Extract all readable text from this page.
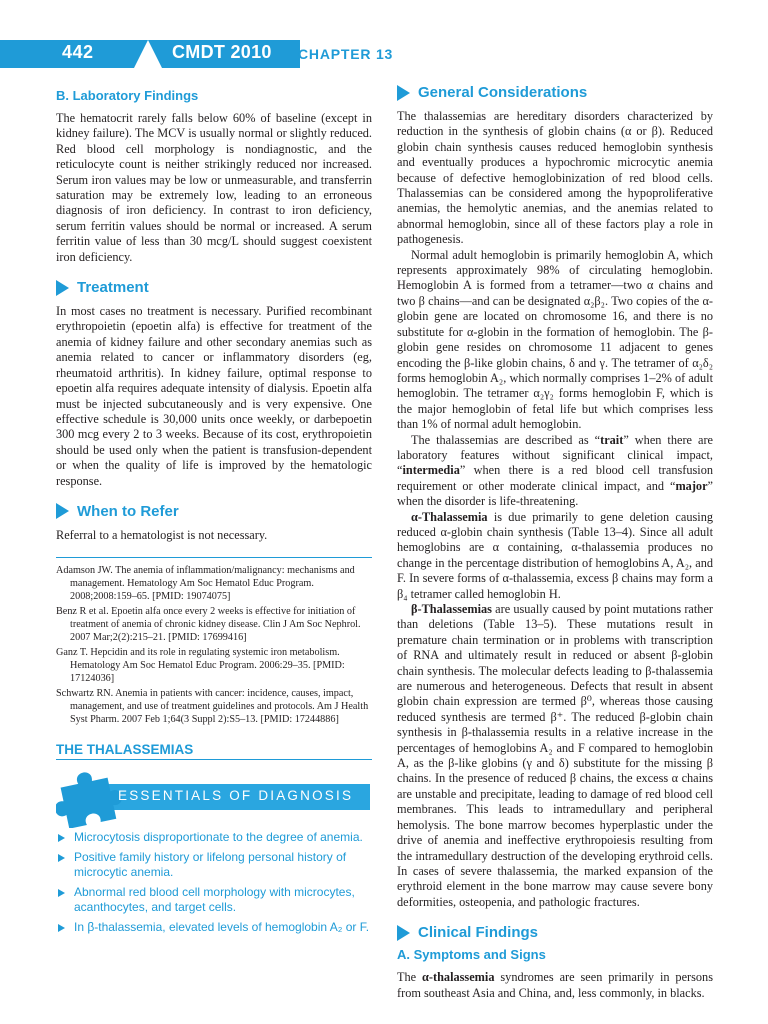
442	CMDT 2010 CHAPTER 13
B. Laboratory Findings

The hematocrit rarely falls below 60% of baseline (except in kidney failure). The MCV is usually normal or slightly reduced. Red blood cell morphology is nondiagnostic, and the reticulocyte count is neither strikingly reduced nor increased. Serum iron values may be low or unmeasurable, and transferrin saturation may be extremely low, leading to an erroneous diagnosis of iron deficiency. In contrast to iron deficiency, serum ferritin values should be normal or increased. A serum ferritin value of less than 30 mcg/L should suggest coexistent iron deficiency.

Treatment

In most cases no treatment is necessary. Purified recombinant erythropoietin (epoetin alfa) is effective for treatment of the anemia of kidney failure and other secondary anemias such as anemia related to cancer or inflammatory disorders (eg, rheumatoid arthritis). In kidney failure, optimal response to epoetin alfa requires adequate intensity of dialysis. Epoetin alfa must be injected subcutaneously and is very expensive. One effective schedule is 30,000 units once weekly, or darbepoetin 300 mcg every 2 to 3 weeks. Because of its cost, erythropoietin should be used only when the patient is transfusion-dependent or when the quality of life is improved by the hematologic response.

When to Refer

Referral to a hematologist is not necessary.

Adamson JW. The anemia of inflammation/malignancy: mechanisms and management. Hematology Am Soc Hematol Educ Program. 2008;2008:159–65. [PMID: 19074075]

Benz R et al. Epoetin alfa once every 2 weeks is effective for initiation of treatment of anemia of chronic kidney disease. Clin J Am Soc Nephrol. 2007 Mar;2(2):215–21. [PMID: 17699416]

Ganz T. Hepcidin and its role in regulating systemic iron metabolism. Hematology Am Soc Hematol Educ Program. 2006:29–35. [PMID: 17124036]

Schwartz RN. Anemia in patients with cancer: incidence, causes, impact, management, and use of treatment guidelines and protocols. Am J Health Syst Pharm. 2007 Feb 1;64(3 Suppl 2):S5–13. [PMID: 17244886]

THE THALASSEMIAS
ESSENTIALS OF DIAGNOSIS
Microcytosis disproportionate to the degree of anemia.
Positive family history or lifelong personal history of microcytic anemia.
Abnormal red blood cell morphology with microcytes, acanthocytes, and target cells.
In β-thalassemia, elevated levels of hemoglobin A₂ or F.
General Considerations

The thalassemias are hereditary disorders characterized by reduction in the synthesis of globin chains (α or β). Reduced globin chain synthesis causes reduced hemoglobin synthesis and eventually produces a hypochromic microcytic anemia because of defective hemoglobinization of red blood cells. Thalassemias can be considered among the hypoproliferative anemias, the hemolytic anemias, and the anemias related to abnormal hemoglobin, since all of these factors play a role in pathogenesis.

Normal adult hemoglobin is primarily hemoglobin A, which represents approximately 98% of circulating hemoglobin. Hemoglobin A is formed from a tetramer—two α chains and two β chains—and can be designated α₂β₂. Two copies of the α-globin gene are located on chromosome 16, and there is no substitute for α-globin in the formation of hemoglobin. The β-globin gene resides on chromosome 11 adjacent to genes encoding the β-like globin chains, δ and γ. The tetramer of α₂δ₂ forms hemoglobin A₂, which normally comprises 1–2% of adult hemoglobin. The tetramer α₂γ₂ forms hemoglobin F, which is the major hemoglobin of fetal life but which comprises less than 1% of normal adult hemoglobin.

The thalassemias are described as “trait” when there are laboratory features without significant clinical impact, “intermedia” when there is a red blood cell transfusion requirement or other moderate clinical impact, and “major” when the disorder is life-threatening.

α-Thalassemia is due primarily to gene deletion causing reduced α-globin chain synthesis (Table 13–4). Since all adult hemoglobins are α containing, α-thalassemia produces no change in the percentage distribution of hemoglobins A, A₂, and F. In severe forms of α-thalassemia, excess β chains may form a β₄ tetramer called hemoglobin H.

β-Thalassemias are usually caused by point mutations rather than deletions (Table 13–5). These mutations result in premature chain termination or in problems with transcription of RNA and ultimately result in reduced or absent β-globin chain synthesis. The molecular defects leading to β-thalassemia are numerous and heterogeneous. Defects that result in absent globin chain expression are termed β⁰, whereas those causing reduced synthesis are termed β⁺. The reduced β-globin chain synthesis in β-thalassemia results in a relative increase in the percentages of hemoglobins A₂ and F compared to hemoglobin A, as the β-like globins (γ and δ) substitute for the missing β chains. In the presence of reduced β chains, the excess α chains are unstable and precipitate, leading to damage of red blood cell membranes. This leads to intramedullary and peripheral hemolysis. The bone marrow becomes hyperplastic under the drive of anemia and ineffective erythropoiesis resulting from the intramedullary destruction of the developing erythroid cells. In cases of severe thalassemia, the marked expansion of the erythroid element in the bone marrow may cause severe bony deformities, osteopenia, and pathologic fractures.

Clinical Findings
A. Symptoms and Signs

The α-thalassemia syndromes are seen primarily in persons from southeast Asia and China, and, less commonly, in blacks.
